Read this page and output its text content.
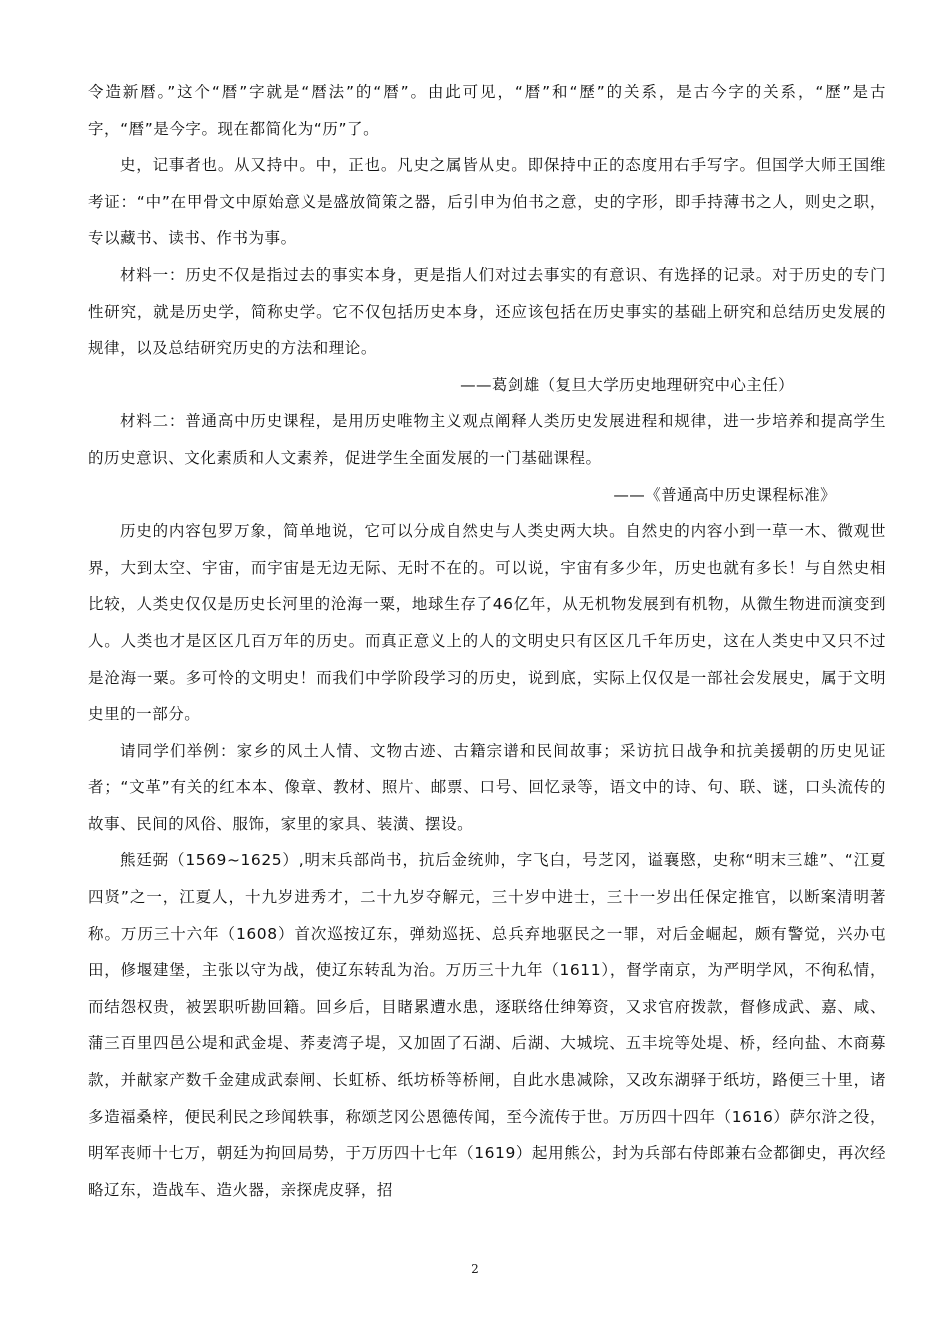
令造新暦。”这个“暦”字就是“暦法”的“暦”。由此可见，“暦”和“歷”的关系，是古今字的关系，“歷”是古字，“暦”是今字。现在都简化为“历”了。

史，记事者也。从又持中。中，正也。凡史之属皆从史。即保持中正的态度用右手写字。但国学大师王国维考证：“中”在甲骨文中原始意义是盛放简策之器，后引申为伯书之意，史的字形，即手持薄书之人，则史之职，专以藏书、读书、作书为事。

材料一：历史不仅是指过去的事实本身，更是指人们对过去事实的有意识、有选择的记录。对于历史的专门性研究，就是历史学，简称史学。它不仅包括历史本身，还应该包括在历史事实的基础上研究和总结历史发展的规律，以及总结研究历史的方法和理论。

——葛剑雄（复旦大学历史地理研究中心主任）

材料二：普通高中历史课程，是用历史唯物主义观点阐释人类历史发展进程和规律，进一步培养和提高学生的历史意识、文化素质和人文素养，促进学生全面发展的一门基础课程。

——《普通高中历史课程标准》

历史的内容包罗万象，简单地说，它可以分成自然史与人类史两大块。自然史的内容小到一草一木、微观世界，大到太空、宇宙，而宇宙是无边无际、无时不在的。可以说，宇宙有多少年，历史也就有多长！与自然史相比较，人类史仅仅是历史长河里的沧海一粟，地球生存了46亿年，从无机物发展到有机物，从微生物进而演变到人。人类也才是区区几百万年的历史。而真正意义上的人的文明史只有区区几千年历史，这在人类史中又只不过是沧海一粟。多可怜的文明史！而我们中学阶段学习的历史，说到底，实际上仅仅是一部社会发展史，属于文明史里的一部分。

请同学们举例：家乡的风土人情、文物古迹、古籍宗谱和民间故事；采访抗日战争和抗美援朝的历史见证者；“文革”有关的红本本、像章、教材、照片、邮票、口号、回忆录等，语文中的诗、句、联、谜，口头流传的故事、民间的风俗、服饰，家里的家具、装潢、摆设。

熊廷弼（1569~1625）,明末兵部尚书，抗后金统帅，字飞白，号芝冈，谥襄愍，史称“明末三雄”、“江夏四贤”之一，江夏人，十九岁进秀才，二十九岁夺解元，三十岁中进士，三十一岁出任保定推官，以断案清明著称。万历三十六年（1608）首次巡按辽东，弹劾巡抚、总兵弃地驱民之一罪，对后金崛起，颇有警觉，兴办屯田，修堰建堡，主张以守为战，使辽东转乱为治。万历三十九年（1611），督学南京，为严明学风，不徇私情，而结怨权贵，被罢职听勘回籍。回乡后，目睹累遭水患，逐联络仕绅筹资，又求官府拨款，督修成武、嘉、咸、蒲三百里四邑公堤和武金堤、荞麦湾子堤，又加固了石湖、后湖、大城垸、五丰垸等处堤、桥，经向盐、木商募款，并献家产数千金建成武泰闸、长虹桥、纸坊桥等桥闸，自此水患减除，又改东湖驿于纸坊，路便三十里，诸多造福桑梓，便民利民之珍闻轶事，称颂芝冈公恩德传闻，至今流传于世。万历四十四年（1616）萨尔浒之役，明军丧师十七万，朝廷为拘回局势，于万历四十七年（1619）起用熊公，封为兵部右侍郎兼右佥都御史，再次经略辽东，造战车、造火器，亲探虎皮驿，招

2
